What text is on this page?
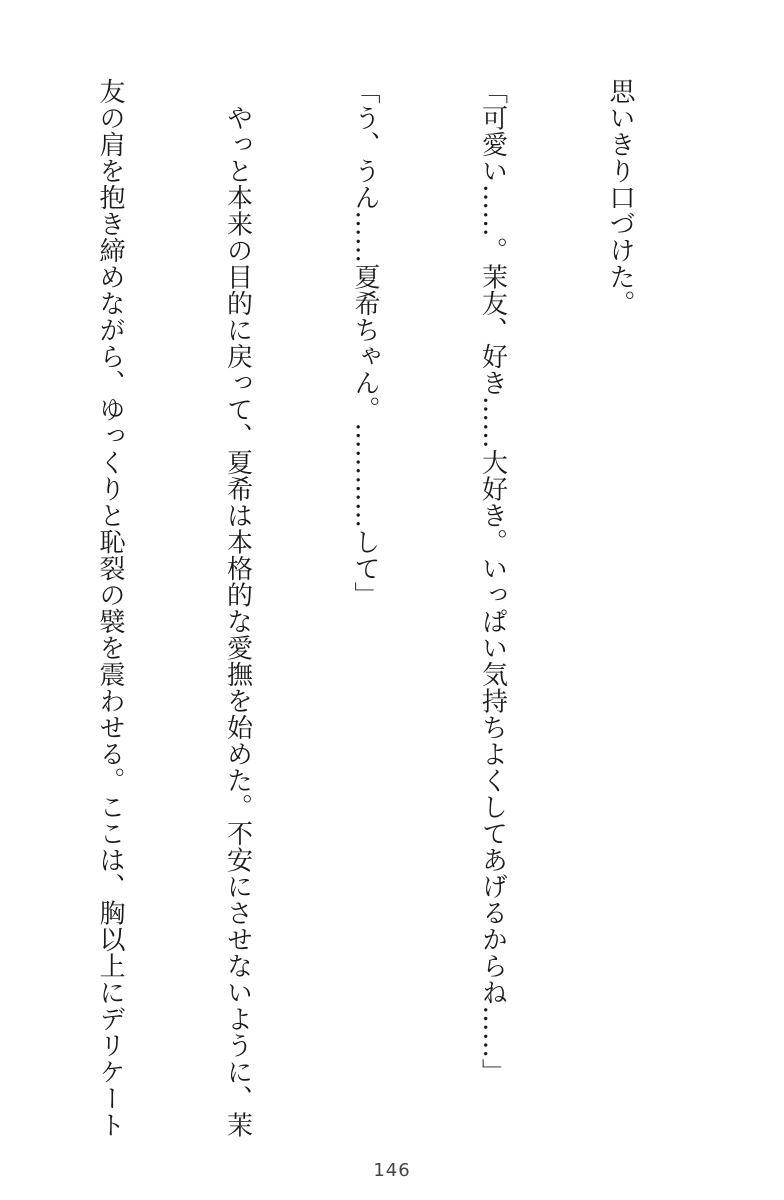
思いきり口づけた。

「可愛い……。茉友、好き……大好き。いっぱい気持ちよくしてあげるからね……」

「う、うん……夏希ちゃん。…………して」

　やっと本来の目的に戻って、夏希は本格的な愛撫を始めた。不安にさせないように、茉

友の肩を抱き締めながら、ゆっくりと恥裂の襞を震わせる。ここは、胸以上にデリケート

146
